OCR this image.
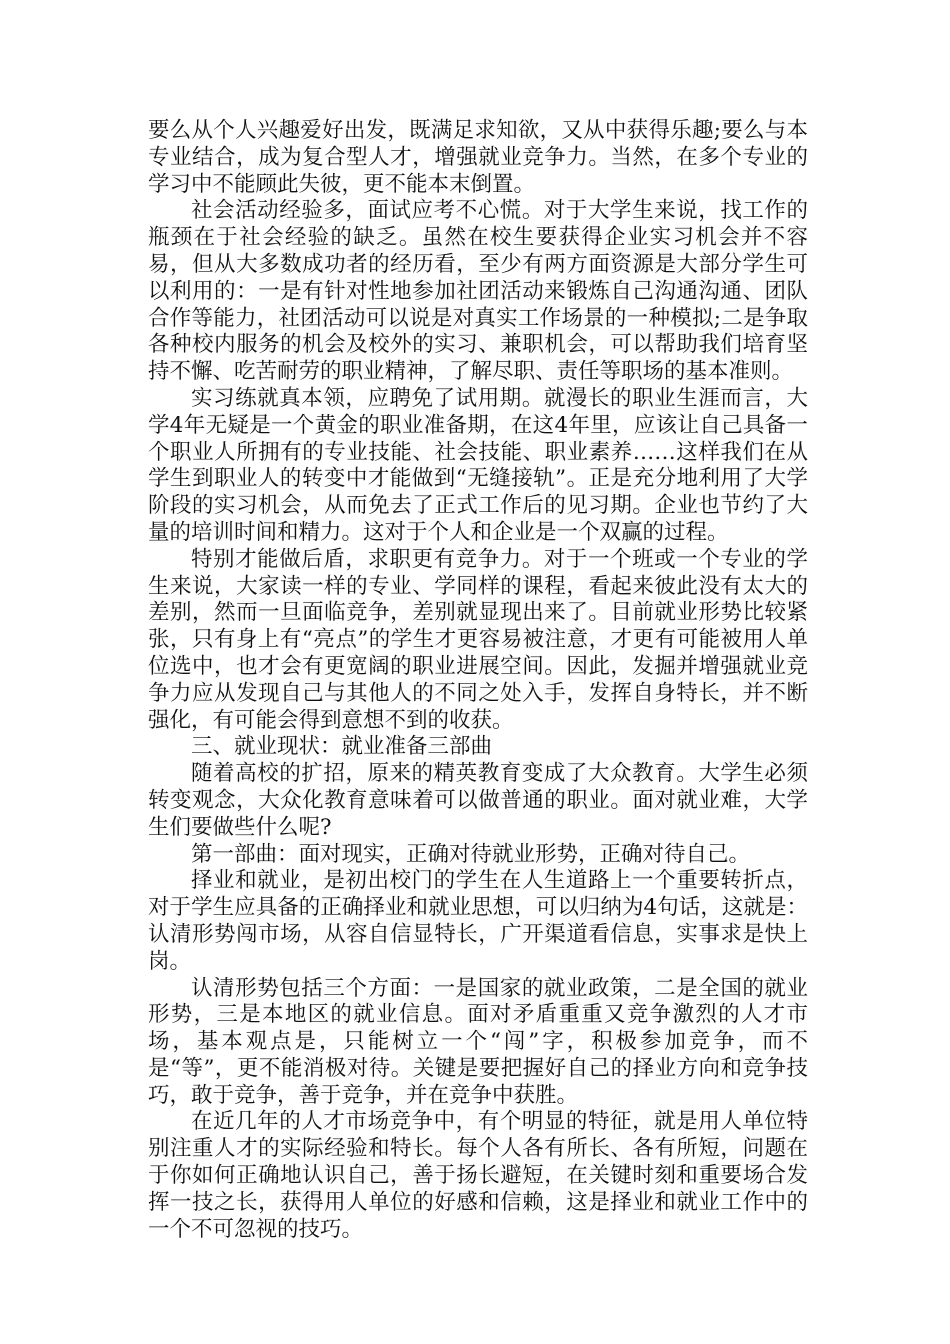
要么从个人兴趣爱好出发，既满足求知欲，又从中获得乐趣;要么与本专业结合，成为复合型人才，增强就业竞争力。当然，在多个专业的学习中不能顾此失彼，更不能本末倒置。

社会活动经验多，面试应考不心慌。对于大学生来说，找工作的瓶颈在于社会经验的缺乏。虽然在校生要获得企业实习机会并不容易，但从大多数成功者的经历看，至少有两方面资源是大部分学生可以利用的：一是有针对性地参加社团活动来锻炼自己沟通沟通、团队合作等能力，社团活动可以说是对真实工作场景的一种模拟;二是争取各种校内服务的机会及校外的实习、兼职机会，可以帮助我们培育坚持不懈、吃苦耐劳的职业精神，了解尽职、责任等职场的基本准则。

实习练就真本领，应聘免了试用期。就漫长的职业生涯而言，大学4年无疑是一个黄金的职业准备期，在这4年里，应该让自己具备一个职业人所拥有的专业技能、社会技能、职业素养……这样我们在从学生到职业人的转变中才能做到“无缝接轨”。正是充分地利用了大学阶段的实习机会，从而免去了正式工作后的见习期。企业也节约了大量的培训时间和精力。这对于个人和企业是一个双赢的过程。

特别才能做后盾，求职更有竞争力。对于一个班或一个专业的学生来说，大家读一样的专业、学同样的课程，看起来彼此没有太大的差别，然而一旦面临竞争，差别就显现出来了。目前就业形势比较紧张，只有身上有“亮点”的学生才更容易被注意，才更有可能被用人单位选中，也才会有更宽阔的职业进展空间。因此，发掘并增强就业竞争力应从发现自己与其他人的不同之处入手，发挥自身特长，并不断强化，有可能会得到意想不到的收获。

三、就业现状：就业准备三部曲

随着高校的扩招，原来的精英教育变成了大众教育。大学生必须转变观念，大众化教育意味着可以做普通的职业。面对就业难，大学生们要做些什么呢?

第一部曲：面对现实，正确对待就业形势，正确对待自己。

择业和就业，是初出校门的学生在人生道路上一个重要转折点，对于学生应具备的正确择业和就业思想，可以归纳为4句话，这就是：认清形势闯市场，从容自信显特长，广开渠道看信息，实事求是快上岗。

认清形势包括三个方面：一是国家的就业政策，二是全国的就业形势，三是本地区的就业信息。面对矛盾重重又竞争激烈的人才市场，基本观点是，只能树立一个“闯”字，积极参加竞争，而不是“等”，更不能消极对待。关键是要把握好自己的择业方向和竞争技巧，敢于竞争，善于竞争，并在竞争中获胜。

在近几年的人才市场竞争中，有个明显的特征，就是用人单位特别注重人才的实际经验和特长。每个人各有所长、各有所短，问题在于你如何正确地认识自己，善于扬长避短，在关键时刻和重要场合发挥一技之长，获得用人单位的好感和信赖，这是择业和就业工作中的一个不可忽视的技巧。
